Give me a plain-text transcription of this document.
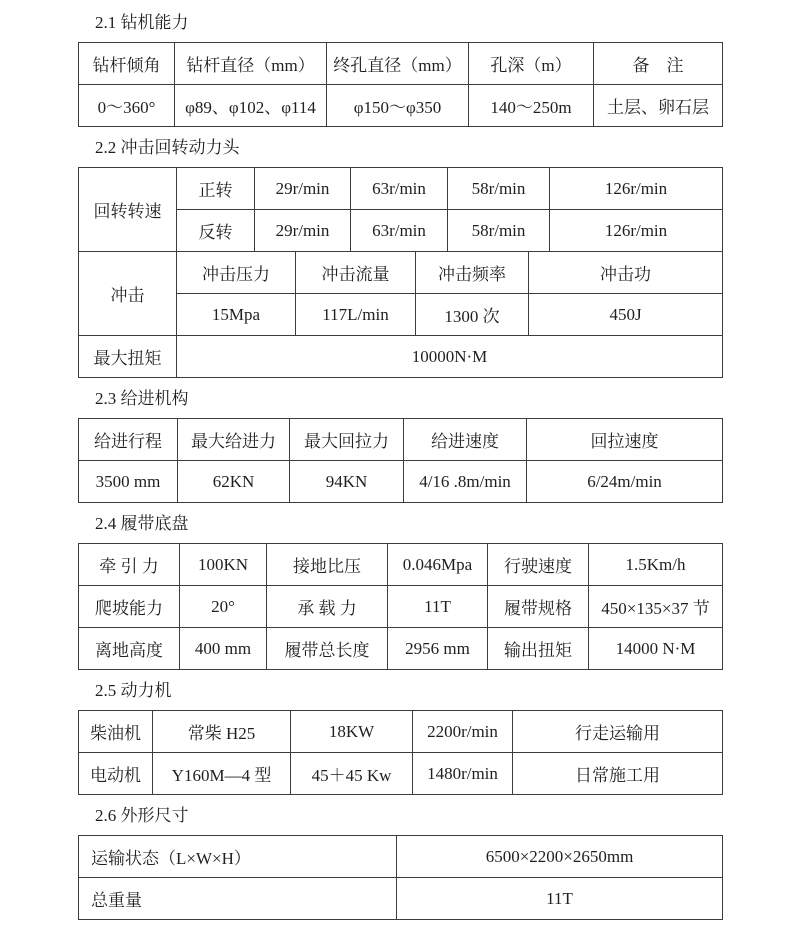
2.1 钻机能力
钻杆倾角	钻杆直径（mm）	终孔直径（mm）	孔深（m）	备　注
0～360°	φ89、φ102、φ114	φ150～φ350	140～250m	土层、卵石层
2.2 冲击回转动力头
回转转速	正转	29r/min	63r/min	58r/min	126r/min
	反转	29r/min	63r/min	58r/min	126r/min
冲击	冲击压力	冲击流量	冲击频率	冲击功
	15Mpa	117L/min	1300 次	450J
最大扭矩	10000N·M
2.3 给进机构
给进行程	最大给进力	最大回拉力	给进速度	回拉速度
3500 mm	62KN	94KN	4/16 .8m/min	6/24m/min
2.4 履带底盘
牵 引 力	100KN	接地比压	0.046Mpa	行驶速度	1.5Km/h
爬坡能力	20°	承 载 力	11T	履带规格	450×135×37 节
离地高度	400 mm	履带总长度	2956 mm	输出扭矩	14000 N·M
2.5 动力机
柴油机	常柴 H25	18KW	2200r/min	行走运输用
电动机	Y160M—4 型	45＋45 Kw	1480r/min	日常施工用
2.6 外形尺寸
运输状态（L×W×H）	6500×2200×2650mm
总重量	11T
